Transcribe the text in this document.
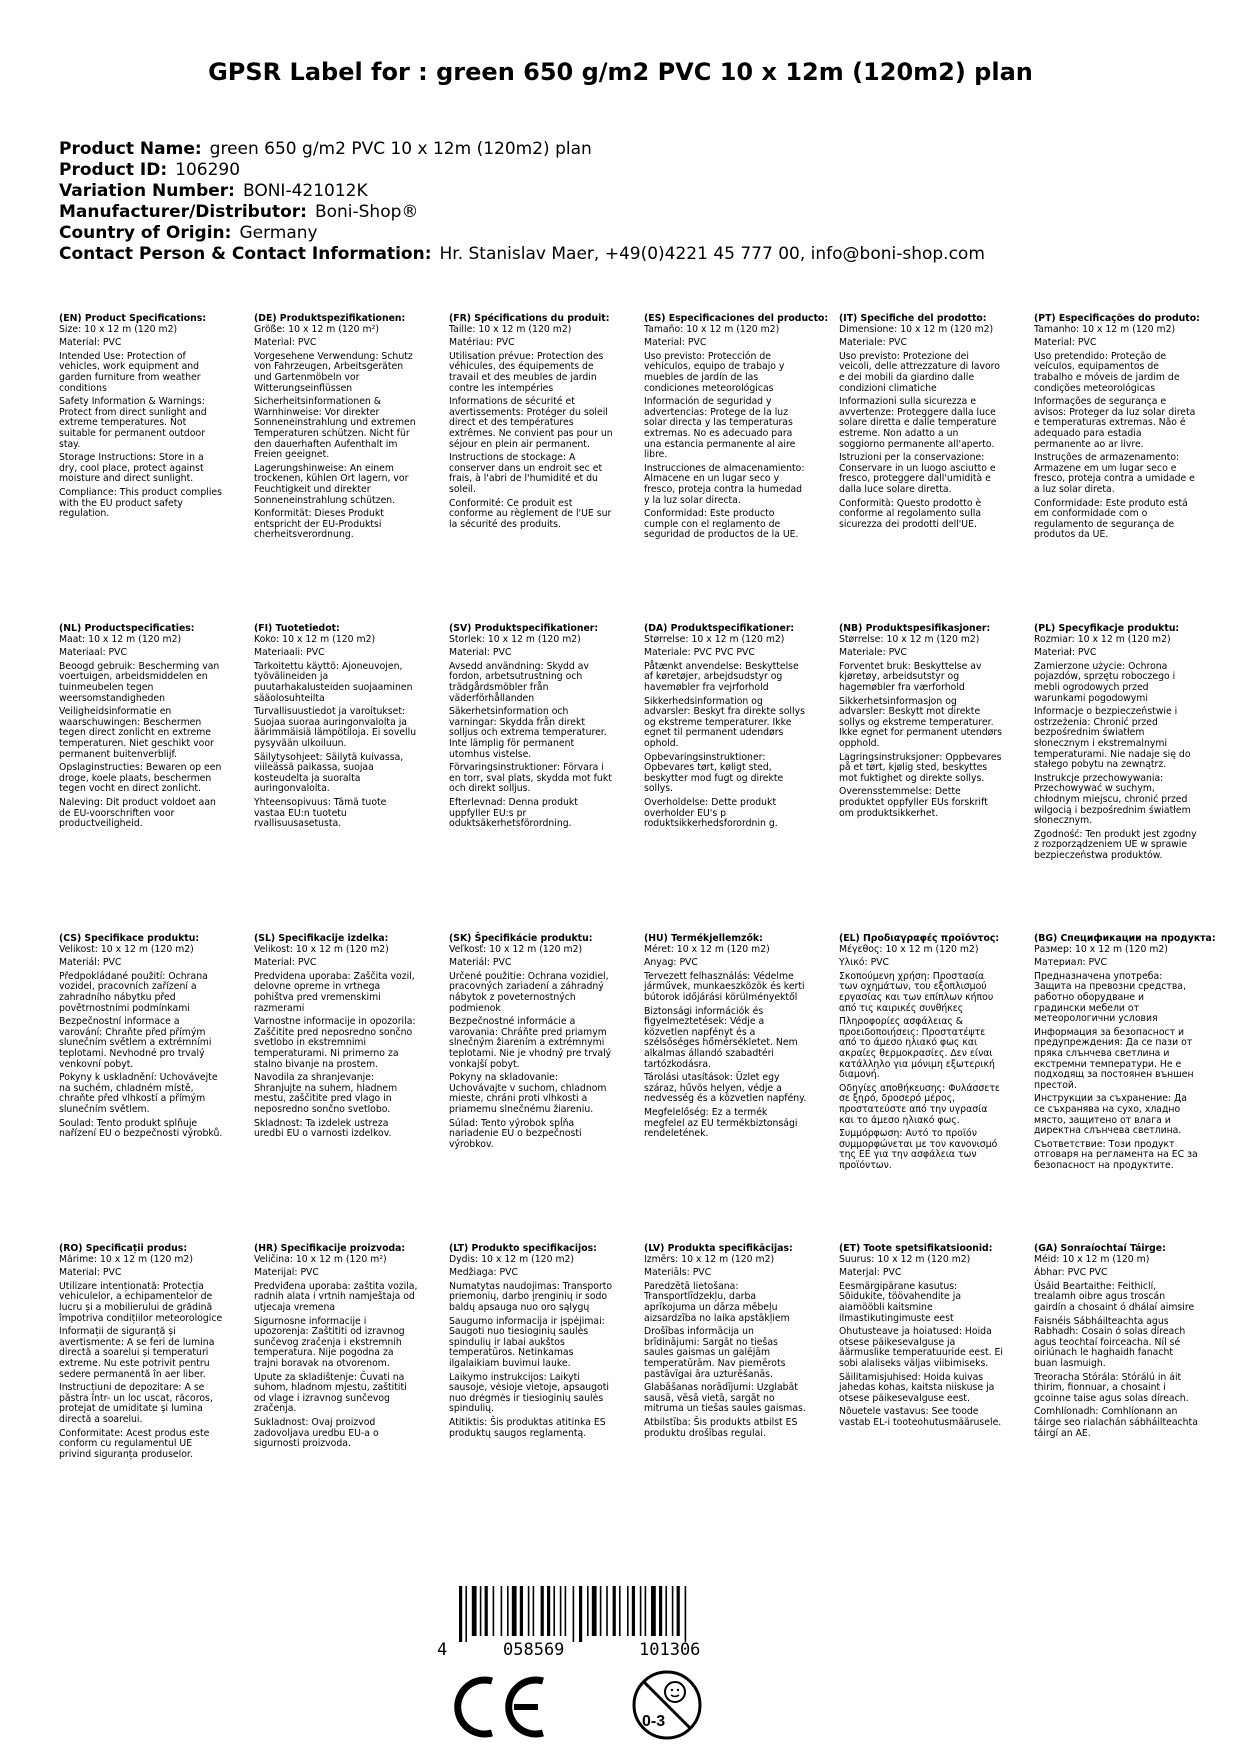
GPSR Label for : green 650 g/m2 PVC 10 x 12m (120m2) plan
Product Name: green 650 g/m2 PVC 10 x 12m (120m2) plan
Product ID: 106290
Variation Number: BONI-421012K
Manufacturer/Distributor: Boni-Shop®
Country of Origin: Germany
Contact Person & Contact Information: Hr. Stanislav Maer, +49(0)4221 45 777 00, info@boni-shop.com
(EN) Product Specifications:
Size: 10 x 12 m (120 m2)
Material: PVC
Intended Use: Protection of vehicles, work equipment and garden furniture from weather conditions
Safety Information & Warnings: Protect from direct sunlight and extreme temperatures. Not suitable for permanent outdoor stay.
Storage Instructions: Store in a dry, cool place, protect against moisture and direct sunlight.
Compliance: This product complies with the EU product safety regulation.
(DE) Produktspezifikationen:
Größe: 10 x 12 m (120 m²)
Material: PVC
Vorgesehene Verwendung: Schutz von Fahrzeugen, Arbeitsgeräten und Gartenmöbeln vor Witterungseinflüssen
Sicherheitsinformationen & Warnhinweise: Vor direkter Sonneneinstrahlung und extremen Temperaturen schützen. Nicht für den dauerhaften Aufenthalt im Freien geeignet.
Lagerungshinweise: An einem trockenen, kühlen Ort lagern, vor Feuchtigkeit und direkter Sonneneinstrahlung schützen.
Konformität: Dieses Produkt entspricht der EU-Produktsi cherheitsverordnung.
(FR) Spécifications du produit:
Taille: 10 x 12 m (120 m2)
Matériau: PVC
Utilisation prévue: Protection des véhicules, des équipements de travail et des meubles de jardin contre les intempéries
Informations de sécurité et avertissements: Protéger du soleil direct et des températures extrêmes. Ne convient pas pour un séjour en plein air permanent.
Instructions de stockage: A conserver dans un endroit sec et frais, à l'abri de l'humidité et du soleil.
Conformité: Ce produit est conforme au règlement de l'UE sur la sécurité des produits.
(ES) Especificaciones del producto:
Tamaño: 10 x 12 m (120 m2)
Material: PVC
Uso previsto: Protección de vehículos, equipo de trabajo y muebles de jardín de las condiciones meteorológicas
Información de seguridad y advertencias: Protege de la luz solar directa y las temperaturas extremas. No es adecuado para una estancia permanente al aire libre.
Instrucciones de almacenamiento: Almacene en un lugar seco y fresco, proteja contra la humedad y la luz solar directa.
Conformidad: Este producto cumple con el reglamento de seguridad de productos de la UE.
(IT) Specifiche del prodotto:
Dimensione: 10 x 12 m (120 m2)
Materiale: PVC
Uso previsto: Protezione dei veicoli, delle attrezzature di lavoro e dei mobili da giardino dalle condizioni climatiche
Informazioni sulla sicurezza e avvertenze: Proteggere dalla luce solare diretta e dalle temperature estreme. Non adatto a un soggiorno permanente all'aperto.
Istruzioni per la conservazione: Conservare in un luogo asciutto e fresco, proteggere dall'umidità e dalla luce solare diretta.
Conformità: Questo prodotto è conforme al regolamento sulla sicurezza dei prodotti dell'UE.
(PT) Especificações do produto:
Tamanho: 10 x 12 m (120 m2)
Material: PVC
Uso pretendido: Proteção de veículos, equipamentos de trabalho e móveis de jardim de condições meteorológicas
Informações de segurança e avisos: Proteger da luz solar direta e temperaturas extremas. Não é adequado para estadia permanente ao ar livre.
Instruções de armazenamento: Armazene em um lugar seco e fresco, proteja contra a umidade e a luz solar direta.
Conformidade: Este produto está em conformidade com o regulamento de segurança de produtos da UE.
(NL) Productspecificaties:
Maat: 10 x 12 m (120 m2)
Materiaal: PVC
Beoogd gebruik: Bescherming van voertuigen, arbeidsmiddelen en tuinmeubelen tegen weersomstandigheden
Veiligheidsinformatie en waarschuwingen: Beschermen tegen direct zonlicht en extreme temperaturen. Niet geschikt voor permanent buitenverblijf.
Opslaginstructies: Bewaren op een droge, koele plaats, beschermen tegen vocht en direct zonlicht.
Naleving: Dit product voldoet aan de EU-voorschriften voor productveiligheid.
(FI) Tuotetiedot:
Koko: 10 x 12 m (120 m2)
Materiaali: PVC
Tarkoitettu käyttö: Ajoneuvojen, työvälineiden ja puutarhakalusteiden suojaaminen sääolosuhteilta
Turvallisuustiedot ja varoitukset: Suojaa suoraa auringonvalolta ja äärimmäisiä lämpötiloja. Ei sovellu pysyvään ulkoiluun.
Säilytysohjeet: Säilytä kuivassa, viileässä paikassa, suojaa kosteudelta ja suoralta auringonvalolta.
Yhteensopivuus: Tämä tuote vastaa EU:n tuotetu rvallisuusasetusta.
(SV) Produktspecifikationer:
Storlek: 10 x 12 m (120 m2)
Material: PVC
Avsedd användning: Skydd av fordon, arbetsutrustning och trädgårdsmöbler från väderförhållanden
Säkerhetsinformation och varningar: Skydda från direkt solljus och extrema temperaturer. Inte lämplig för permanent utomhus vistelse.
Förvaringsinstruktioner: Förvara i en torr, sval plats, skydda mot fukt och direkt solljus.
Efterlevnad: Denna produkt uppfyller EU:s pr oduktsäkerhetsförordning.
(DA) Produktspecifikationer:
Størrelse: 10 x 12 m (120 m2)
Materiale: PVC PVC PVC
Påtænkt anvendelse: Beskyttelse af køretøjer, arbejdsudstyr og havemøbler fra vejrforhold
Sikkerhedsinformation og advarsler: Beskyt fra direkte sollys og ekstreme temperaturer. Ikke egnet til permanent udendørs ophold.
Opbevaringsinstruktioner: Opbevares tørt, køligt sted, beskytter mod fugt og direkte sollys.
Overholdelse: Dette produkt overholder EU's p roduktsikkerhedsforordnin g.
(NB) Produktspesifikasjoner:
Størrelse: 10 x 12 m (120 m2)
Materiale: PVC
Forventet bruk: Beskyttelse av kjøretøy, arbeidsutstyr og hagemøbler fra værforhold
Sikkerhetsinformasjon og advarsler: Beskytt mot direkte sollys og ekstreme temperaturer. Ikke egnet for permanent utendørs opphold.
Lagringsinstruksjoner: Oppbevares på et tørt, kjølig sted, beskyttes mot fuktighet og direkte sollys.
Overensstemmelse: Dette produktet oppfyller EUs forskrift om produktsikkerhet.
(PL) Specyfikacje produktu:
Rozmiar: 10 x 12 m (120 m2)
Materiał: PVC
Zamierzone użycie: Ochrona pojazdów, sprzętu roboczego i mebli ogrodowych przed warunkami pogodowymi
Informacje o bezpieczeństwie i ostrzeżenia: Chronić przed bezpośrednim światłem słonecznym i ekstremalnymi temperaturami. Nie nadaje się do stałego pobytu na zewnątrz.
Instrukcje przechowywania: Przechowywać w suchym, chłodnym miejscu, chronić przed wilgocią i bezpośrednim światłem słonecznym.
Zgodność: Ten produkt jest zgodny z rozporządzeniem UE w sprawie bezpieczeństwa produktów.
(CS) Specifikace produktu:
Velikost: 10 x 12 m (120 m2)
Materiál: PVC
Předpokládané použití: Ochrana vozidel, pracovních zařízení a zahradního nábytku před povětrnostními podmínkami
Bezpečnostní informace a varování: Chraňte před přímým slunečním světlem a extrémními teplotami. Nevhodné pro trvalý venkovní pobyt.
Pokyny k uskladnění: Uchovávejte na suchém, chladném místě, chraňte před vlhkostí a přímým slunečním světlem.
Soulad: Tento produkt splňuje nařízení EU o bezpečnosti výrobků.
(SL) Specifikacije izdelka:
Velikost: 10 x 12 m (120 m2)
Material: PVC
Predvidena uporaba: Zaščita vozil, delovne opreme in vrtnega pohištva pred vremenskimi razmerami
Varnostne informacije in opozorila: Zaščitite pred neposredno sončno svetlobo in ekstremnimi temperaturami. Ni primerno za stalno bivanje na prostem.
Navodila za shranjevanje: Shranjujte na suhem, hladnem mestu, zaščitite pred vlago in neposredno sončno svetlobo.
Skladnost: Ta izdelek ustreza uredbi EU o varnosti izdelkov.
(SK) Špecifikácie produktu:
Veľkosť: 10 x 12 m (120 m2)
Materiál: PVC
Určené použitie: Ochrana vozidiel, pracovných zariadení a záhradný nábytok z poveternostných podmienok
Bezpečnostné informácie a varovania: Chráňte pred priamym slnečným žiarením a extrémnymi teplotami. Nie je vhodný pre trvalý vonkajší pobyt.
Pokyny na skladovanie: Uchovávajte v suchom, chladnom mieste, chráni proti vlhkosti a priamemu slnečnému žiareniu.
Súlad: Tento výrobok spĺňa nariadenie EÚ o bezpečnosti výrobkov.
(HU) Termékjellemzők:
Méret: 10 x 12 m (120 m2)
Anyag: PVC
Tervezett felhasználás: Védelme járművek, munkaeszközök és kerti bútorok időjárási körülményektől
Biztonsági információk és figyelmeztetések: Védje a közvetlen napfényt és a szélsőséges hőmérsékletet. Nem alkalmas állandó szabadtéri tartózkodásra.
Tárolási utasítások: Üzlet egy száraz, hűvös helyen, védje a nedvesség és a közvetlen napfény.
Megfelelőség: Ez a termék megfelel az EU termékbiztonsági rendeletének.
(EL) Προδιαγραφές προϊόντος:
Μέγεθος: 10 x 12 m (120 m2)
Υλικό: PVC
Σκοπούμενη χρήση: Προστασία των οχημάτων, του εξοπλισμού εργασίας και των επίπλων κήπου από τις καιρικές συνθήκες
Πληροφορίες ασφάλειας & προειδοποιήσεις: Προστατέψτε από το άμεσο ηλιακό φως και ακραίες θερμοκρασίες. Δεν είναι κατάλληλο για μόνιμη εξωτερική διαμονή.
Οδηγίες αποθήκευσης: Φυλάσσετε σε ξηρό, δροσερό μέρος, προστατεύστε από την υγρασία και το άμεσο ηλιακό φως.
Συμμόρφωση: Αυτό το προϊόν συμμορφώνεται με τον κανονισμό της ΕΕ για την ασφάλεια των προϊόντων.
(BG) Спецификации на продукта:
Размер: 10 x 12 m (120 m2)
Материал: PVC
Предназначена употреба: Защита на превозни средства, работно оборудване и градински мебели от метеорологични условия
Информация за безопасност и предупреждения: Да се пази от пряка слънчева светлина и екстремни температури. Не е подходящ за постоянен външен престой.
Инструкции за съхранение: Да се съхранява на сухо, хладно място, защитено от влага и директна слънчева светлина.
Съответствие: Този продукт отговаря на регламента на ЕС за безопасност на продуктите.
(RO) Specificații produs:
Mărime: 10 x 12 m (120 m2)
Material: PVC
Utilizare intenționată: Protecția vehiculelor, a echipamentelor de lucru și a mobilierului de grădină împotriva condițiilor meteorologice
Informații de siguranță și avertismente: A se feri de lumina directă a soarelui și temperaturi extreme. Nu este potrivit pentru sedere permanentă în aer liber.
Instrucțiuni de depozitare: A se păstra într- un loc uscat, răcoros, protejat de umiditate și lumina directă a soarelui.
Conformitate: Acest produs este conform cu regulamentul UE privind siguranța produselor.
(HR) Specifikacije proizvoda:
Veličina: 10 x 12 m (120 m²)
Materijal: PVC
Predviđena uporaba: zaštita vozila, radnih alata i vrtnih namještaja od utjecaja vremena
Sigurnosne informacije i upozorenja: Zaštititi od izravnog sunčevog zračenja i ekstremnih temperatura. Nije pogodna za trajni boravak na otvorenom.
Upute za skladištenje: Čuvati na suhom, hladnom mjestu, zaštititi od vlage i izravnog sunčevog zračenja.
Sukladnost: Ovaj proizvod zadovoljava uredbu EU-a o sigurnosti proizvoda.
(LT) Produkto specifikacijos:
Dydis: 10 x 12 m (120 m2)
Medžiaga: PVC
Numatytas naudojimas: Transporto priemonių, darbo įrenginių ir sodo baldų apsauga nuo oro sąlygų
Saugumo informacija ir įspėjimai: Saugoti nuo tiesioginių saulės spindulių ir labai aukštos temperatūros. Netinkamas ilgalaikiam buvimui lauke.
Laikymo instrukcijos: Laikyti sausoje, vėsioje vietoje, apsaugoti nuo drėgmės ir tiesioginių saulės spindulių.
Atitiktis: Šis produktas atitinka ES produktų saugos reglamentą.
(LV) Produkta specifikācijas:
Izmērs: 10 x 12 m (120 m2)
Materiāls: PVC
Paredzētā lietošana: Transportlīdzekļu, darba aprīkojuma un dārza mēbeļu aizsardzība no laika apstākļiem
Drošības informācija un brīdinājumi: Sargāt no tiešas saules gaismas un galējām temperatūrām. Nav piemērots pastāvīgai āra uzturēšanās.
Glabāšanas norādījumi: Uzglabāt sausā, vēsā vietā, sargāt no mitruma un tiešas saules gaismas.
Atbilstība: Šis produkts atbilst ES produktu drošības regulai.
(ET) Toote spetsifikatsioonid:
Suurus: 10 x 12 m (120 m2)
Materjal: PVC
Eesmärgipärane kasutus: Sõidukite, töövahendite ja aiamööbli kaitsmine ilmastikutingimuste eest
Ohutusteave ja hoiatused: Hoida otsese päikesevalguse ja äärmuslike temperatuuride eest. Ei sobi alaliseks väljas viibimiseks.
Säilitamisjuhised: Hoida kuivas jahedas kohas, kaitsta niiskuse ja otsese päikesevalguse eest.
Nõuetele vastavus: See toode vastab EL-i tooteohutusmäärusele.
(GA) Sonraíochtaí Táirge:
Méid: 10 x 12 m (120 m)
Ábhar: PVC PVC
Úsáid Beartaithe: Feithiclí, trealamh oibre agus troscán gairdín a chosaint ó dhálaí aimsire
Faisnéis Sábháilteachta agus Rabhadh: Cosain ó solas díreach agus teochtaí foirceacha. Níl sé oiriúnach le haghaidh fanacht buan lasmuigh.
Treoracha Stórála: Stórálú in áit thirim, fionnuar, a chosaint i gcoinne taise agus solas díreach.
Comhlíonadh: Comhlíonann an táirge seo rialachán sábháilteachta táirgí an AE.
4	058569	101306
0-3
